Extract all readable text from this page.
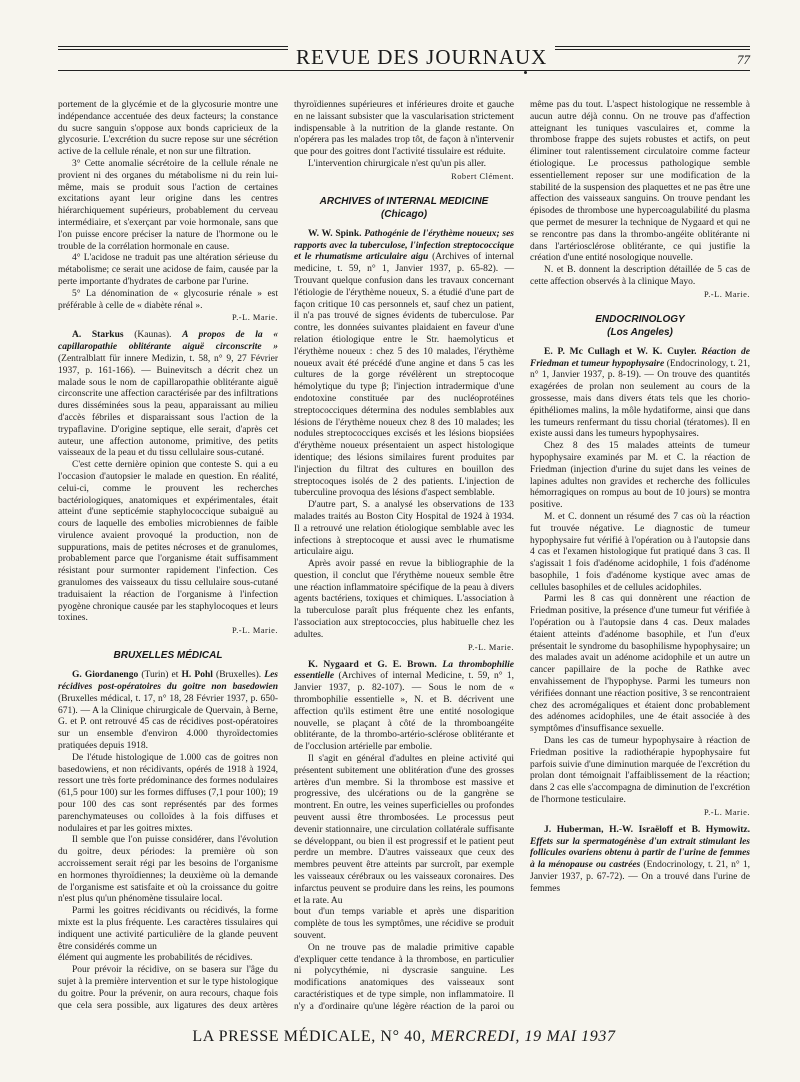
REVUE DES JOURNAUX	77

portement de la glycémie et de la glycosurie montre une indépendance accentuée des deux facteurs; la constance du sucre sanguin s'oppose aux bonds capricieux de la glycosurie. L'excrétion du sucre repose sur une sécrétion active de la cellule rénale, et non sur une filtration.

3° Cette anomalie sécrétoire de la cellule rénale ne provient ni des organes du métabolisme ni du rein lui-même, mais se produit sous l'action de certaines excitations ayant leur origine dans les centres hiérarchiquement supérieurs, probablement du cerveau intermédiaire, et s'exerçant par voie hormonale, sans que l'on puisse encore préciser la nature de l'hormone ou le trouble de la corrélation hormonale en cause.

4° L'acidose ne traduit pas une altération sérieuse du métabolisme; ce serait une acidose de faim, causée par la perte importante d'hydrates de carbone par l'urine.

5° La dénomination de « glycosurie rénale » est préférable à celle de « diabète rénal ».

P.-L. Marie.

A. Starkus (Kaunas). A propos de la « capillaropathie oblitérante aiguë circonscrite » (Zentralblatt für innere Medizin, t. 58, n° 9, 27 Février 1937, p. 161-166). — Buinevitsch a décrit chez un malade sous le nom de capillaropathie oblitérante aiguë circonscrite une affection caractérisée par des infiltrations dures disséminées sous la peau, apparaissant au milieu d'accès fébriles et disparaissant sous l'action de la trypaflavine. D'origine septique, elle serait, d'après cet auteur, une affection autonome, primitive, des petits vaisseaux de la peau et du tissu cellulaire sous-cutané.

C'est cette dernière opinion que conteste S. qui a eu l'occasion d'autopsier le malade en question. En réalité, celui-ci, comme le prouvent les recherches bactériologiques, anatomiques et expérimentales, était atteint d'une septicémie staphylococcique subaiguë au cours de laquelle des embolies microbiennes de faible virulence avaient provoqué la production, non de suppurations, mais de petites nécroses et de granulomes, probablement parce que l'organisme était suffisamment résistant pour surmonter rapidement l'infection. Ces granulomes des vaisseaux du tissu cellulaire sous-cutané traduisaient la réaction de l'organisme à l'infection pyogène chronique causée par les staphylocoques et leurs toxines.

P.-L. Marie.
BRUXELLES MÉDICAL

G. Giordanengo (Turin) et H. Pohl (Bruxelles). Les récidives post-opératoires du goitre non basedowien (Bruxelles médical, t. 17, n° 18, 28 Février 1937, p. 650-671). — A la Clinique chirurgicale de Quervain, à Berne, G. et P. ont retrouvé 45 cas de récidives post-opératoires sur un ensemble d'environ 4.000 thyroïdectomies pratiquées depuis 1918.

De l'étude histologique de 1.000 cas de goitres non basedowiens, et non récidivants, opérés de 1918 à 1924, ressort une très forte prédominance des formes nodulaires (61,5 pour 100) sur les formes diffuses (7,1 pour 100); 19 pour 100 des cas sont représentés par des formes parenchymateuses ou colloïdes à la fois diffuses et nodulaires et par les goitres mixtes.

Il semble que l'on puisse considérer, dans l'évolution du goitre, deux périodes: la première où son accroissement serait régi par les besoins de l'organisme en hormones thyroïdiennes; la deuxième où la demande de l'organisme est satisfaite et où la croissance du goitre n'est plus qu'un phénomène tissulaire local.

Parmi les goitres récidivants ou récidivés, la forme mixte est la plus fréquente. Les caractères tissulaires qui indiquent une activité particulière de la glande peuvent être considérés comme un

élément qui augmente les probabilités de récidives.

Pour prévoir la récidive, on se basera sur l'âge du sujet à la première intervention et sur le type histologique du goitre. Pour la prévenir, on aura recours, chaque fois que cela sera possible, aux ligatures des deux artères thyroïdiennes supérieures et inférieures droite et gauche en ne laissant subsister que la vascularisation strictement indispensable à la nutrition de la glande restante. On n'opérera pas les malades trop tôt, de façon à n'intervenir que pour des goitres dont l'activité tissulaire est réduite.

L'intervention chirurgicale n'est qu'un pis aller.

Robert Clément.
ARCHIVES of INTERNAL MEDICINE
(Chicago)

W. W. Spink. Pathogénie de l'érythème noueux; ses rapports avec la tuberculose, l'infection streptococcique et le rhumatisme articulaire aigu (Archives of internal medicine, t. 59, n° 1, Janvier 1937, p. 65-82). — Trouvant quelque confusion dans les travaux concernant l'étiologie de l'érythème noueux, S. a étudié d'une part de façon critique 10 cas personnels et, sauf chez un patient, il n'a pas trouvé de signes évidents de tuberculose. Par contre, les données suivantes plaidaient en faveur d'une relation étiologique entre le Str. haemolyticus et l'érythème noueux : chez 5 des 10 malades, l'érythème noueux avait été précédé d'une angine et dans 5 cas les cultures de la gorge révélèrent un streptocoque hémolytique du type β; l'injection intradermique d'une endotoxine constituée par des nucléoprotéines streptococciques détermina des nodules semblables aux lésions de l'érythème noueux chez 8 des 10 malades; les nodules streptococciques excisés et les lésions biopsiées d'érythème noueux présentaient un aspect histologique identique; des lésions similaires furent produites par l'injection du filtrat des cultures en bouillon des streptocoques isolés de 2 des patients. L'injection de tuberculine provoqua des lésions d'aspect semblable.

D'autre part, S. a analysé les observations de 133 malades traités au Boston City Hospital de 1924 à 1934. Il a retrouvé une relation étiologique semblable avec les infections à streptocoque et aussi avec le rhumatisme articulaire aigu.

Après avoir passé en revue la bibliographie de la question, il conclut que l'érythème noueux semble être une réaction inflammatoire spécifique de la peau à divers agents bactériens, toxiques et chimiques. L'association à la tuberculose paraît plus fréquente chez les enfants, l'association aux streptococcies, plus habituelle chez les adultes.

P.-L. Marie.

K. Nygaard et G. E. Brown. La thrombophilie essentielle (Archives of internal Medicine, t. 59, n° 1, Janvier 1937, p. 82-107). — Sous le nom de « thrombophilie essentielle », N. et B. décrivent une affection qu'ils estiment être une entité nosologique nouvelle, se plaçant à côté de la thromboangéite oblitérante, de la thrombo-artério-sclérose oblitérante et de l'occlusion artérielle par embolie.

Il s'agit en général d'adultes en pleine activité qui présentent subitement une oblitération d'une des grosses artères d'un membre. Si la thrombose est massive et progressive, des ulcérations ou de la gangrène se montrent. En outre, les veines superficielles ou profondes peuvent aussi être thrombosées. Le processus peut devenir stationnaire, une circulation collatérale suffisante se développant, ou bien il est progressif et le patient peut perdre un membre. D'autres vaisseaux que ceux des membres peuvent être atteints par surcroît, par exemple les vaisseaux cérébraux ou les vaisseaux coronaires. Des infarctus peuvent se produire dans les reins, les poumons et la rate. Au

bout d'un temps variable et après une disparition complète de tous les symptômes, une récidive se produit souvent.

On ne trouve pas de maladie primitive capable d'expliquer cette tendance à la thrombose, en particulier ni polycythémie, ni dyscrasie sanguine. Les modifications anatomiques des vaisseaux sont caractéristiques et de type simple, non inflammatoire. Il n'y a d'ordinaire qu'une légère réaction de la paroi ou même pas du tout. L'aspect histologique ne ressemble à aucun autre déjà connu. On ne trouve pas d'affection atteignant les tuniques vasculaires et, comme la thrombose frappe des sujets robustes et actifs, on peut éliminer tout ralentissement circulatoire comme facteur étiologique. Le processus pathologique semble essentiellement reposer sur une modification de la stabilité de la suspension des plaquettes et ne pas être une affection des vaisseaux sanguins. On trouve pendant les épisodes de thrombose une hypercoagulabilité du plasma que permet de mesurer la technique de Nygaard et qui ne se rencontre pas dans la thrombo-angéite oblitérante ni dans l'artériosclérose oblitérante, ce qui justifie la création d'une entité nosologique nouvelle.

N. et B. donnent la description détaillée de 5 cas de cette affection observés à la clinique Mayo.

P.-L. Marie.
ENDOCRINOLOGY
(Los Angeles)

E. P. Mc Cullagh et W. K. Cuyler. Réaction de Friedman et tumeur hypophysaire (Endocrinology, t. 21, n° 1, Janvier 1937, p. 8-19). — On trouve des quantités exagérées de prolan non seulement au cours de la grossesse, mais dans divers états tels que les chorio-épithéliomes malins, la môle hydatiforme, ainsi que dans les tumeurs renfermant du tissu chorial (tératomes). Il en existe aussi dans les tumeurs hypophysaires.

Chez 8 des 15 malades atteints de tumeur hypophysaire examinés par M. et C. la réaction de Friedman (injection d'urine du sujet dans les veines de lapines adultes non gravides et recherche des follicules hémorragiques on rompus au bout de 10 jours) se montra positive.

M. et C. donnent un résumé des 7 cas où la réaction fut trouvée négative. Le diagnostic de tumeur hypophysaire fut vérifié à l'opération ou à l'autopsie dans 4 cas et l'examen histologique fut pratiqué dans 3 cas. Il s'agissait 1 fois d'adénome acidophile, 1 fois d'adénome basophile, 1 fois d'adénome kystique avec amas de cellules basophiles et de cellules acidophiles.

Parmi les 8 cas qui donnèrent une réaction de Friedman positive, la présence d'une tumeur fut vérifiée à l'opération ou à l'autopsie dans 4 cas. Deux malades étaient atteints d'adénome basophile, et l'un d'eux présentait le syndrome du basophilisme hypophysaire; un des malades avait un adénome acidophile et un autre un cancer papillaire de la poche de Rathke avec envahissement de l'hypophyse. Parmi les tumeurs non vérifiées donnant une réaction positive, 3 se rencontraient chez des acromégaliques et étaient donc probablement des adénomes acidophiles, une 4e était associée à des symptômes d'insuffisance sexuelle.

Dans les cas de tumeur hypophysaire à réaction de Friedman positive la radiothérapie hypophysaire fut parfois suivie d'une diminution marquée de l'excrétion du prolan dont témoignait l'affaiblissement de la réaction; dans 2 cas elle s'accompagna de diminution de l'excrétion de l'hormone testiculaire.

P.-L. Marie.

J. Huberman, H.-W. Israëloff et B. Hymowitz. Effets sur la spermatogénèse d'un extrait stimulant les follicules ovariens obtenu à partir de l'urine de femmes à la ménopause ou castrées (Endocrinology, t. 21, n° 1, Janvier 1937, p. 67-72). — On a trouvé dans l'urine de femmes

LA PRESSE MÉDICALE, N° 40, MERCREDI, 19 MAI 1937
